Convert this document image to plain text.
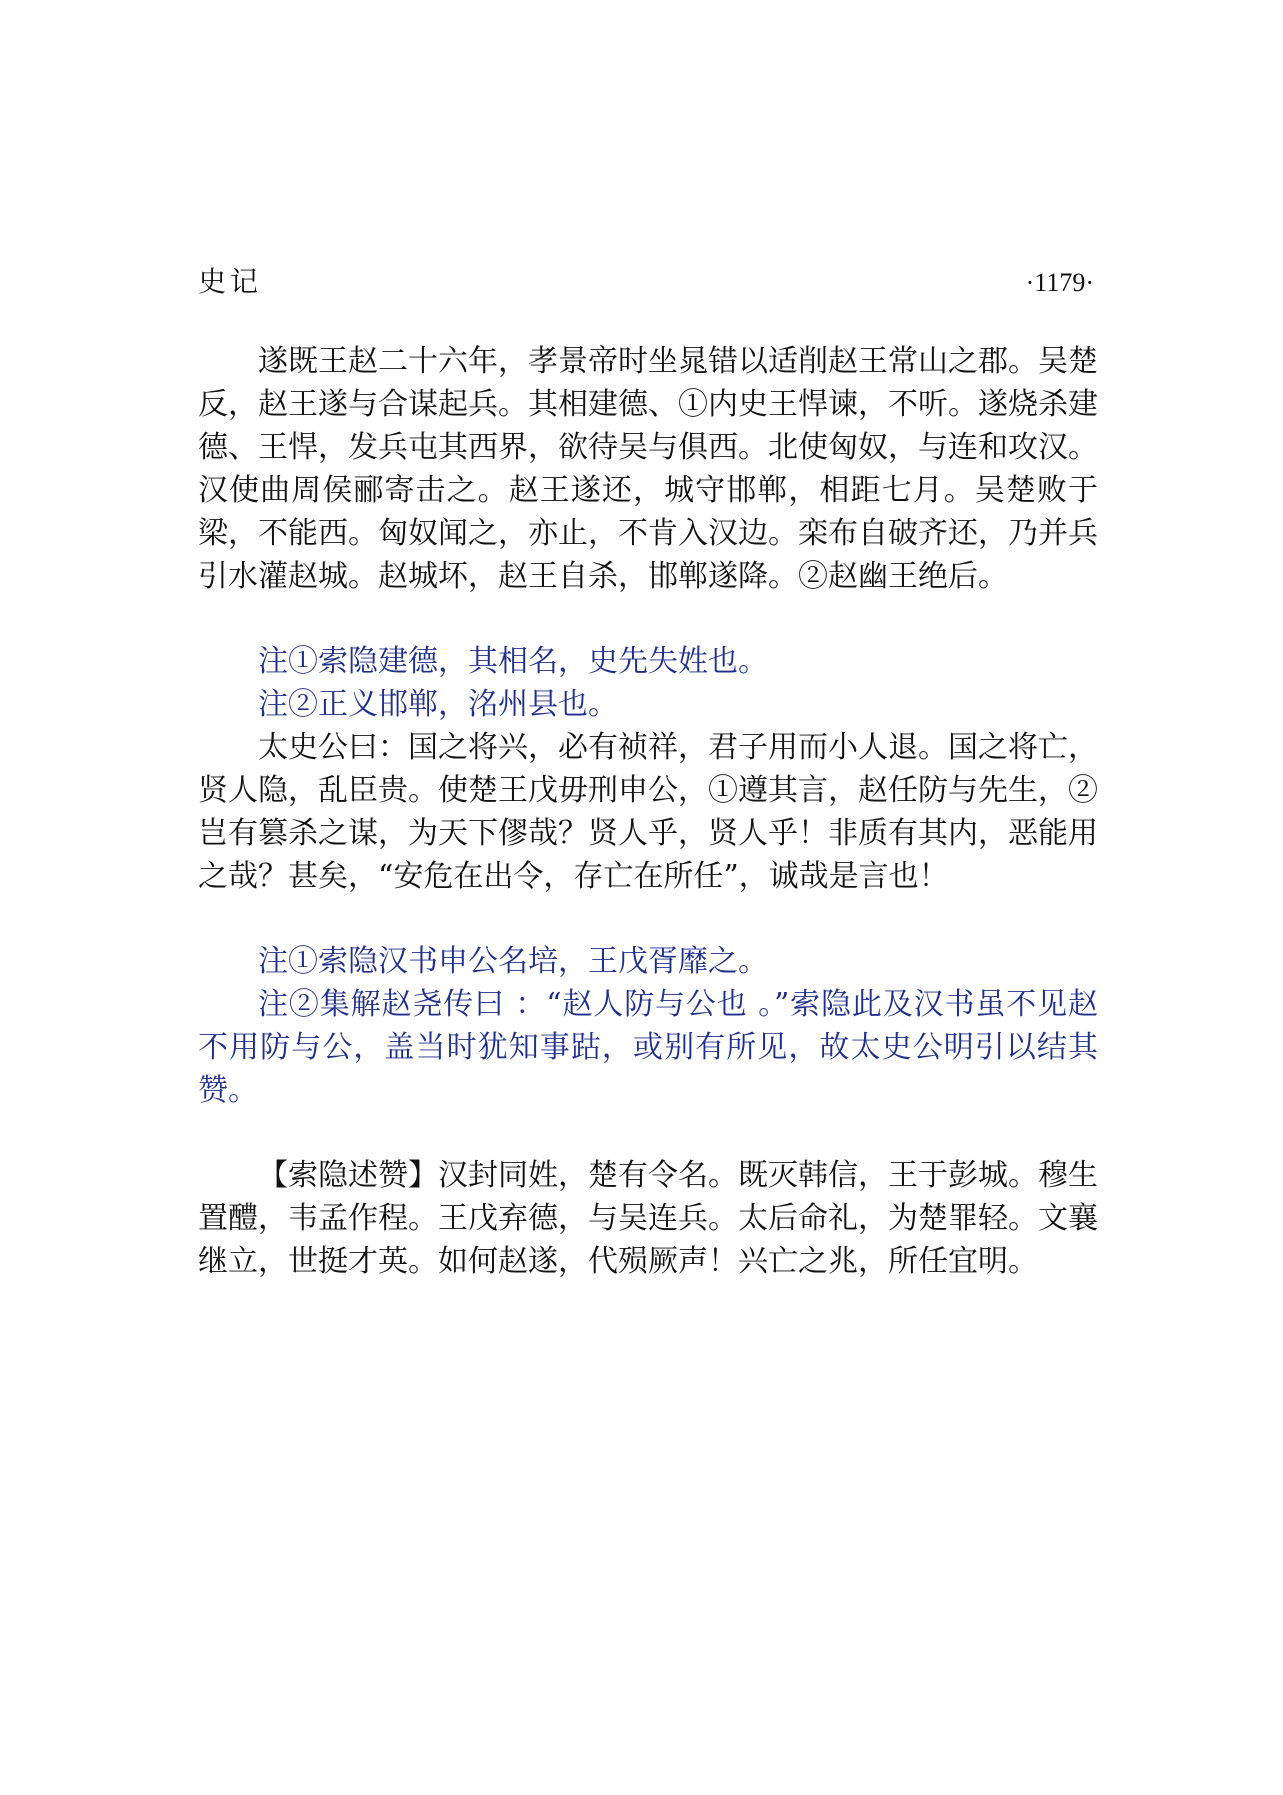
史记	·1179·

遂既王赵二十六年，孝景帝时坐晁错以适削赵王常山之郡。吴楚反，赵王遂与合谋起兵。其相建德、①内史王悍谏，不听。遂烧杀建德、王悍，发兵屯其西界，欲待吴与俱西。北使匈奴，与连和攻汉。汉使曲周侯郦寄击之。赵王遂还，城守邯郸，相距七月。吴楚败于梁，不能西。匈奴闻之，亦止，不肯入汉边。栾布自破齐还，乃并兵引水灌赵城。赵城坏，赵王自杀，邯郸遂降。②赵幽王绝后。

注①索隐建德，其相名，史先失姓也。

注②正义邯郸，洺州县也。

太史公曰：国之将兴，必有祯祥，君子用而小人退。国之将亡，贤人隐，乱臣贵。使楚王戊毋刑申公，①遵其言，赵任防与先生，②岂有篡杀之谋，为天下僇哉？贤人乎，贤人乎！非质有其内，恶能用之哉？甚矣，“安危在出令，存亡在所任”，诚哉是言也！

注①索隐汉书申公名培，王戊胥靡之。

注②集解赵尧传曰 ：“赵人防与公也 。”索隐此及汉书虽不见赵不用防与公，盖当时犹知事跍，或别有所见，故太史公明引以结其赞。

【索隐述赞】汉封同姓，楚有令名。既灭韩信，王于彭城。穆生置醴，韦孟作程。王戊弃德，与吴连兵。太后命礼，为楚罪轻。文襄继立，世挺才英。如何赵遂，代殒厥声！兴亡之兆，所任宜明。
